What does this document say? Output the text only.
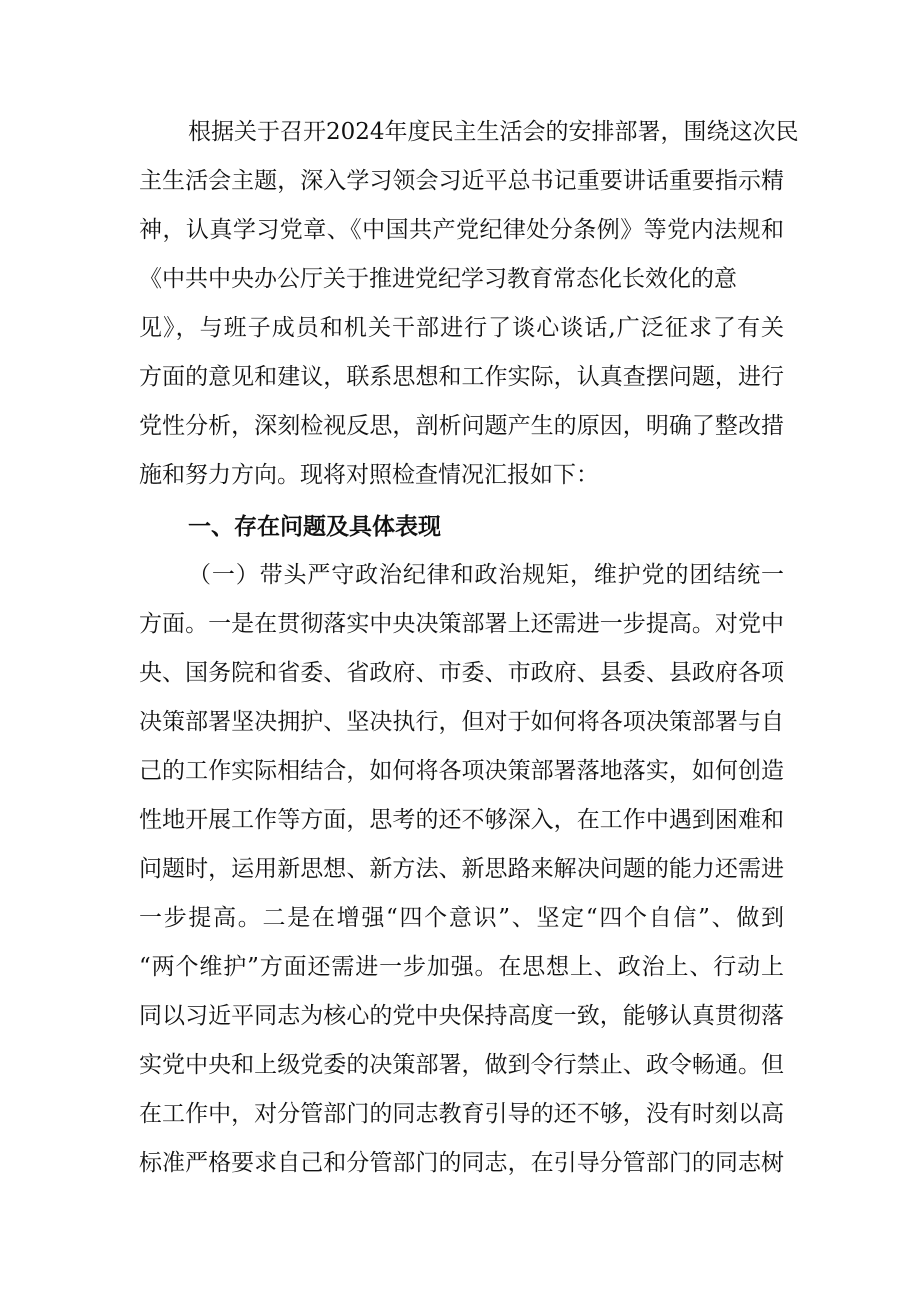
根据关于召开2024年度民主生活会的安排部署，围绕这次民
主生活会主题，深入学习领会习近平总书记重要讲话重要指示精
神，认真学习党章、《中国共产党纪律处分条例》等党内法规和
《中共中央办公厅关于推进党纪学习教育常态化长效化的意
见》，与班子成员和机关干部进行了谈心谈话,广泛征求了有关
方面的意见和建议，联系思想和工作实际，认真查摆问题，进行
党性分析，深刻检视反思，剖析问题产生的原因，明确了整改措
施和努力方向。现将对照检查情况汇报如下：
一、存在问题及具体表现
（一）带头严守政治纪律和政治规矩，维护党的团结统一
方面。一是在贯彻落实中央决策部署上还需进一步提高。对党中
央、国务院和省委、省政府、市委、市政府、县委、县政府各项
决策部署坚决拥护、坚决执行，但对于如何将各项决策部署与自
己的工作实际相结合，如何将各项决策部署落地落实，如何创造
性地开展工作等方面，思考的还不够深入，在工作中遇到困难和
问题时，运用新思想、新方法、新思路来解决问题的能力还需进
一步提高。二是在增强“四个意识”、坚定“四个自信”、做到
“两个维护”方面还需进一步加强。在思想上、政治上、行动上
同以习近平同志为核心的党中央保持高度一致，能够认真贯彻落
实党中央和上级党委的决策部署，做到令行禁止、政令畅通。但
在工作中，对分管部门的同志教育引导的还不够，没有时刻以高
标准严格要求自己和分管部门的同志，在引导分管部门的同志树
